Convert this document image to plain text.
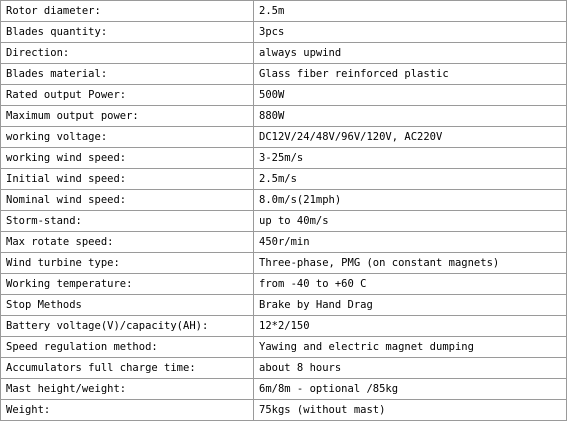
Rotor diameter:	2.5m
Blades quantity:	3pcs
Direction:	always upwind
Blades material:	Glass fiber reinforced plastic
Rated output Power:	500W
Maximum output power:	880W
working voltage:	DC12V/24/48V/96V/120V, AC220V
working wind speed:	3-25m/s
Initial wind speed:	2.5m/s
Nominal wind speed:	8.0m/s(21mph)
Storm-stand:	up to 40m/s
Max rotate speed:	450r/min
Wind turbine type:	Three-phase, PMG (on constant magnets)
Working temperature:	from -40 to +60 C
Stop Methods	Brake by Hand Drag
Battery voltage(V)/capacity(AH):	12*2/150
Speed regulation method:	Yawing and electric magnet dumping
Accumulators full charge time:	about 8 hours
Mast height/weight:	6m/8m - optional /85kg
Weight:	75kgs (without mast)
